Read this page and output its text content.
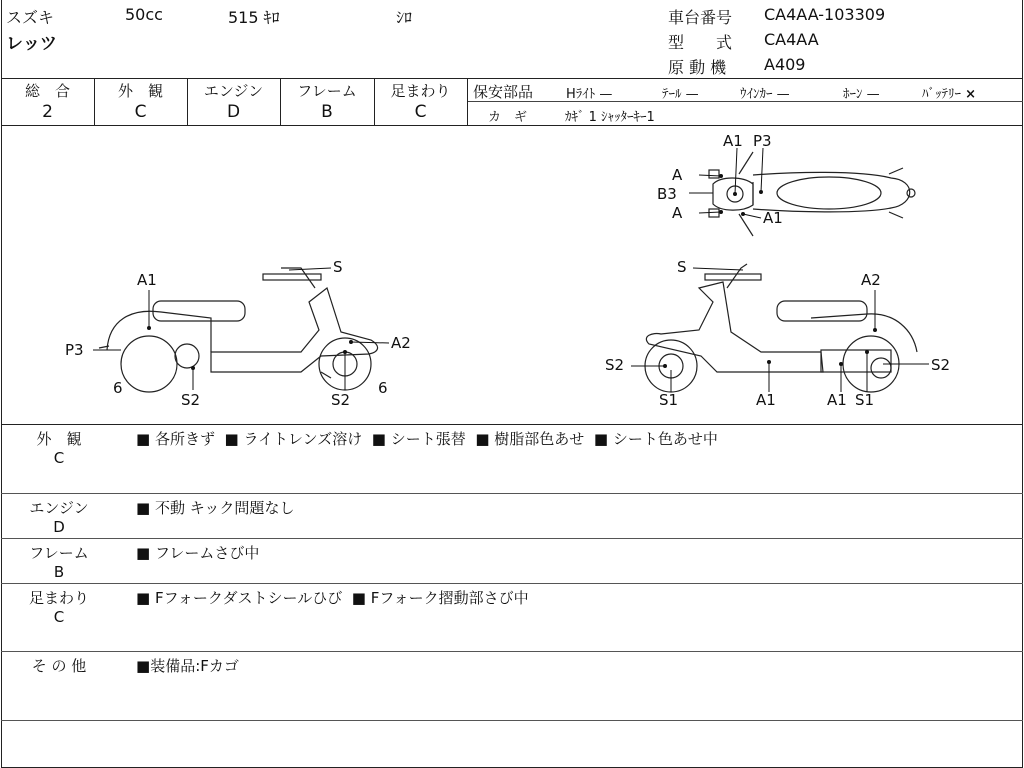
スズキ	50cc	515 ｷﾛ	ｼﾛ
レッツ
車台番号 CA4AA-103309
型　　式 CA4AA
原 動 機 A409
総　合
2
外　観
C
エンジン
D
フレーム
B
足まわり
C
保安部品	Hﾗｲﾄ —	ﾃｰﾙ —	ｳｲﾝｶｰ —	ﾎｰﾝ —	ﾊﾞｯﾃﾘｰ ×
カ　ギ	ｶｷﾞ 1 ｼｬｯﾀｰｷｰ1
A1 P3
A
B3
A	A1
A1
S
P3	A2
6	6
S2	S2
S
A2
S2	S2
S1	A1	A1 S1
外　観
C
■ 各所きず ■ ライトレンズ溶け ■ シート張替 ■ 樹脂部色あせ ■ シート色あせ中
エンジン
D
■ 不動 キック問題なし
フレーム
B
■ フレームさび中
足まわり
C
■ Fフォークダストシールひび ■ Fフォーク摺動部さび中
そ の 他	■装備品:Fカゴ
